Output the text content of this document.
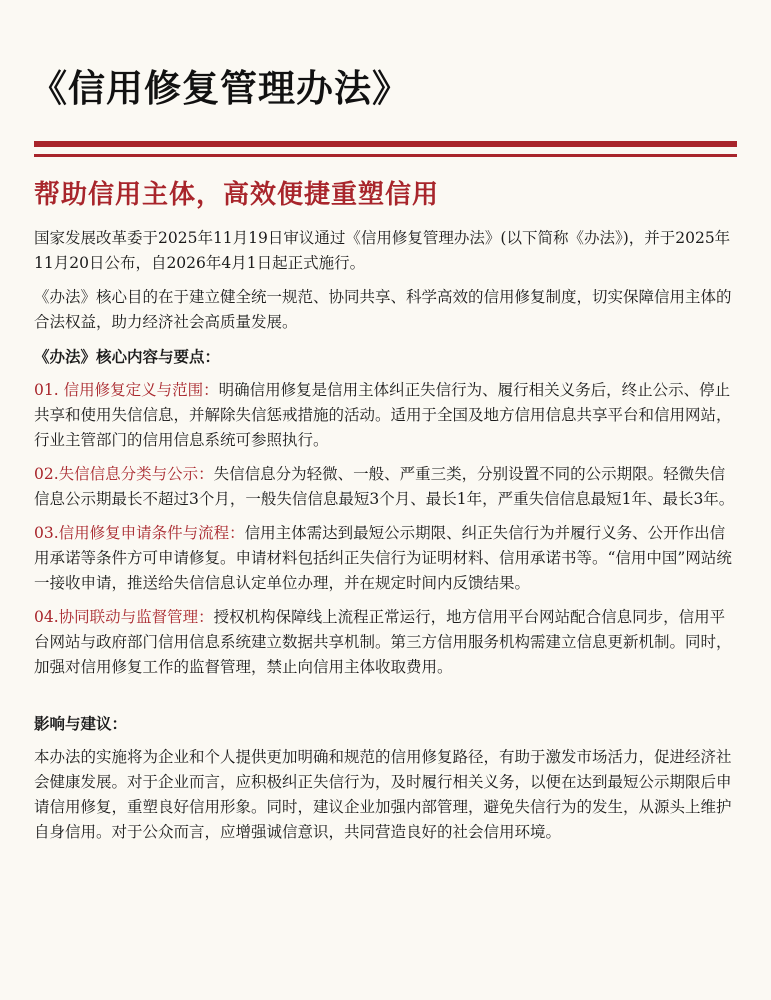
《信用修复管理办法》
帮助信用主体，高效便捷重塑信用

国家发展改革委于2025年11月19日审议通过《信用修复管理办法》(以下简称《办法》)，并于2025年11月20日公布，自2026年4月1日起正式施行。

《办法》核心目的在于建立健全统一规范、协同共享、科学高效的信用修复制度，切实保障信用主体的合法权益，助力经济社会高质量发展。

《办法》核心内容与要点：

01. 信用修复定义与范围：明确信用修复是信用主体纠正失信行为、履行相关义务后，终止公示、停止共享和使用失信信息，并解除失信惩戒措施的活动。适用于全国及地方信用信息共享平台和信用网站，行业主管部门的信用信息系统可参照执行。

02.失信信息分类与公示：失信信息分为轻微、一般、严重三类，分别设置不同的公示期限。轻微失信信息公示期最长不超过3个月，一般失信信息最短3个月、最长1年，严重失信信息最短1年、最长3年。

03.信用修复申请条件与流程：信用主体需达到最短公示期限、纠正失信行为并履行义务、公开作出信用承诺等条件方可申请修复。申请材料包括纠正失信行为证明材料、信用承诺书等。“信用中国”网站统一接收申请，推送给失信信息认定单位办理，并在规定时间内反馈结果。

04.协同联动与监督管理：授权机构保障线上流程正常运行，地方信用平台网站配合信息同步，信用平台网站与政府部门信用信息系统建立数据共享机制。第三方信用服务机构需建立信息更新机制。同时，加强对信用修复工作的监督管理，禁止向信用主体收取费用。

影响与建议：

本办法的实施将为企业和个人提供更加明确和规范的信用修复路径，有助于激发市场活力，促进经济社会健康发展。对于企业而言，应积极纠正失信行为，及时履行相关义务，以便在达到最短公示期限后申请信用修复，重塑良好信用形象。同时，建议企业加强内部管理，避免失信行为的发生，从源头上维护自身信用。对于公众而言，应增强诚信意识，共同营造良好的社会信用环境。
